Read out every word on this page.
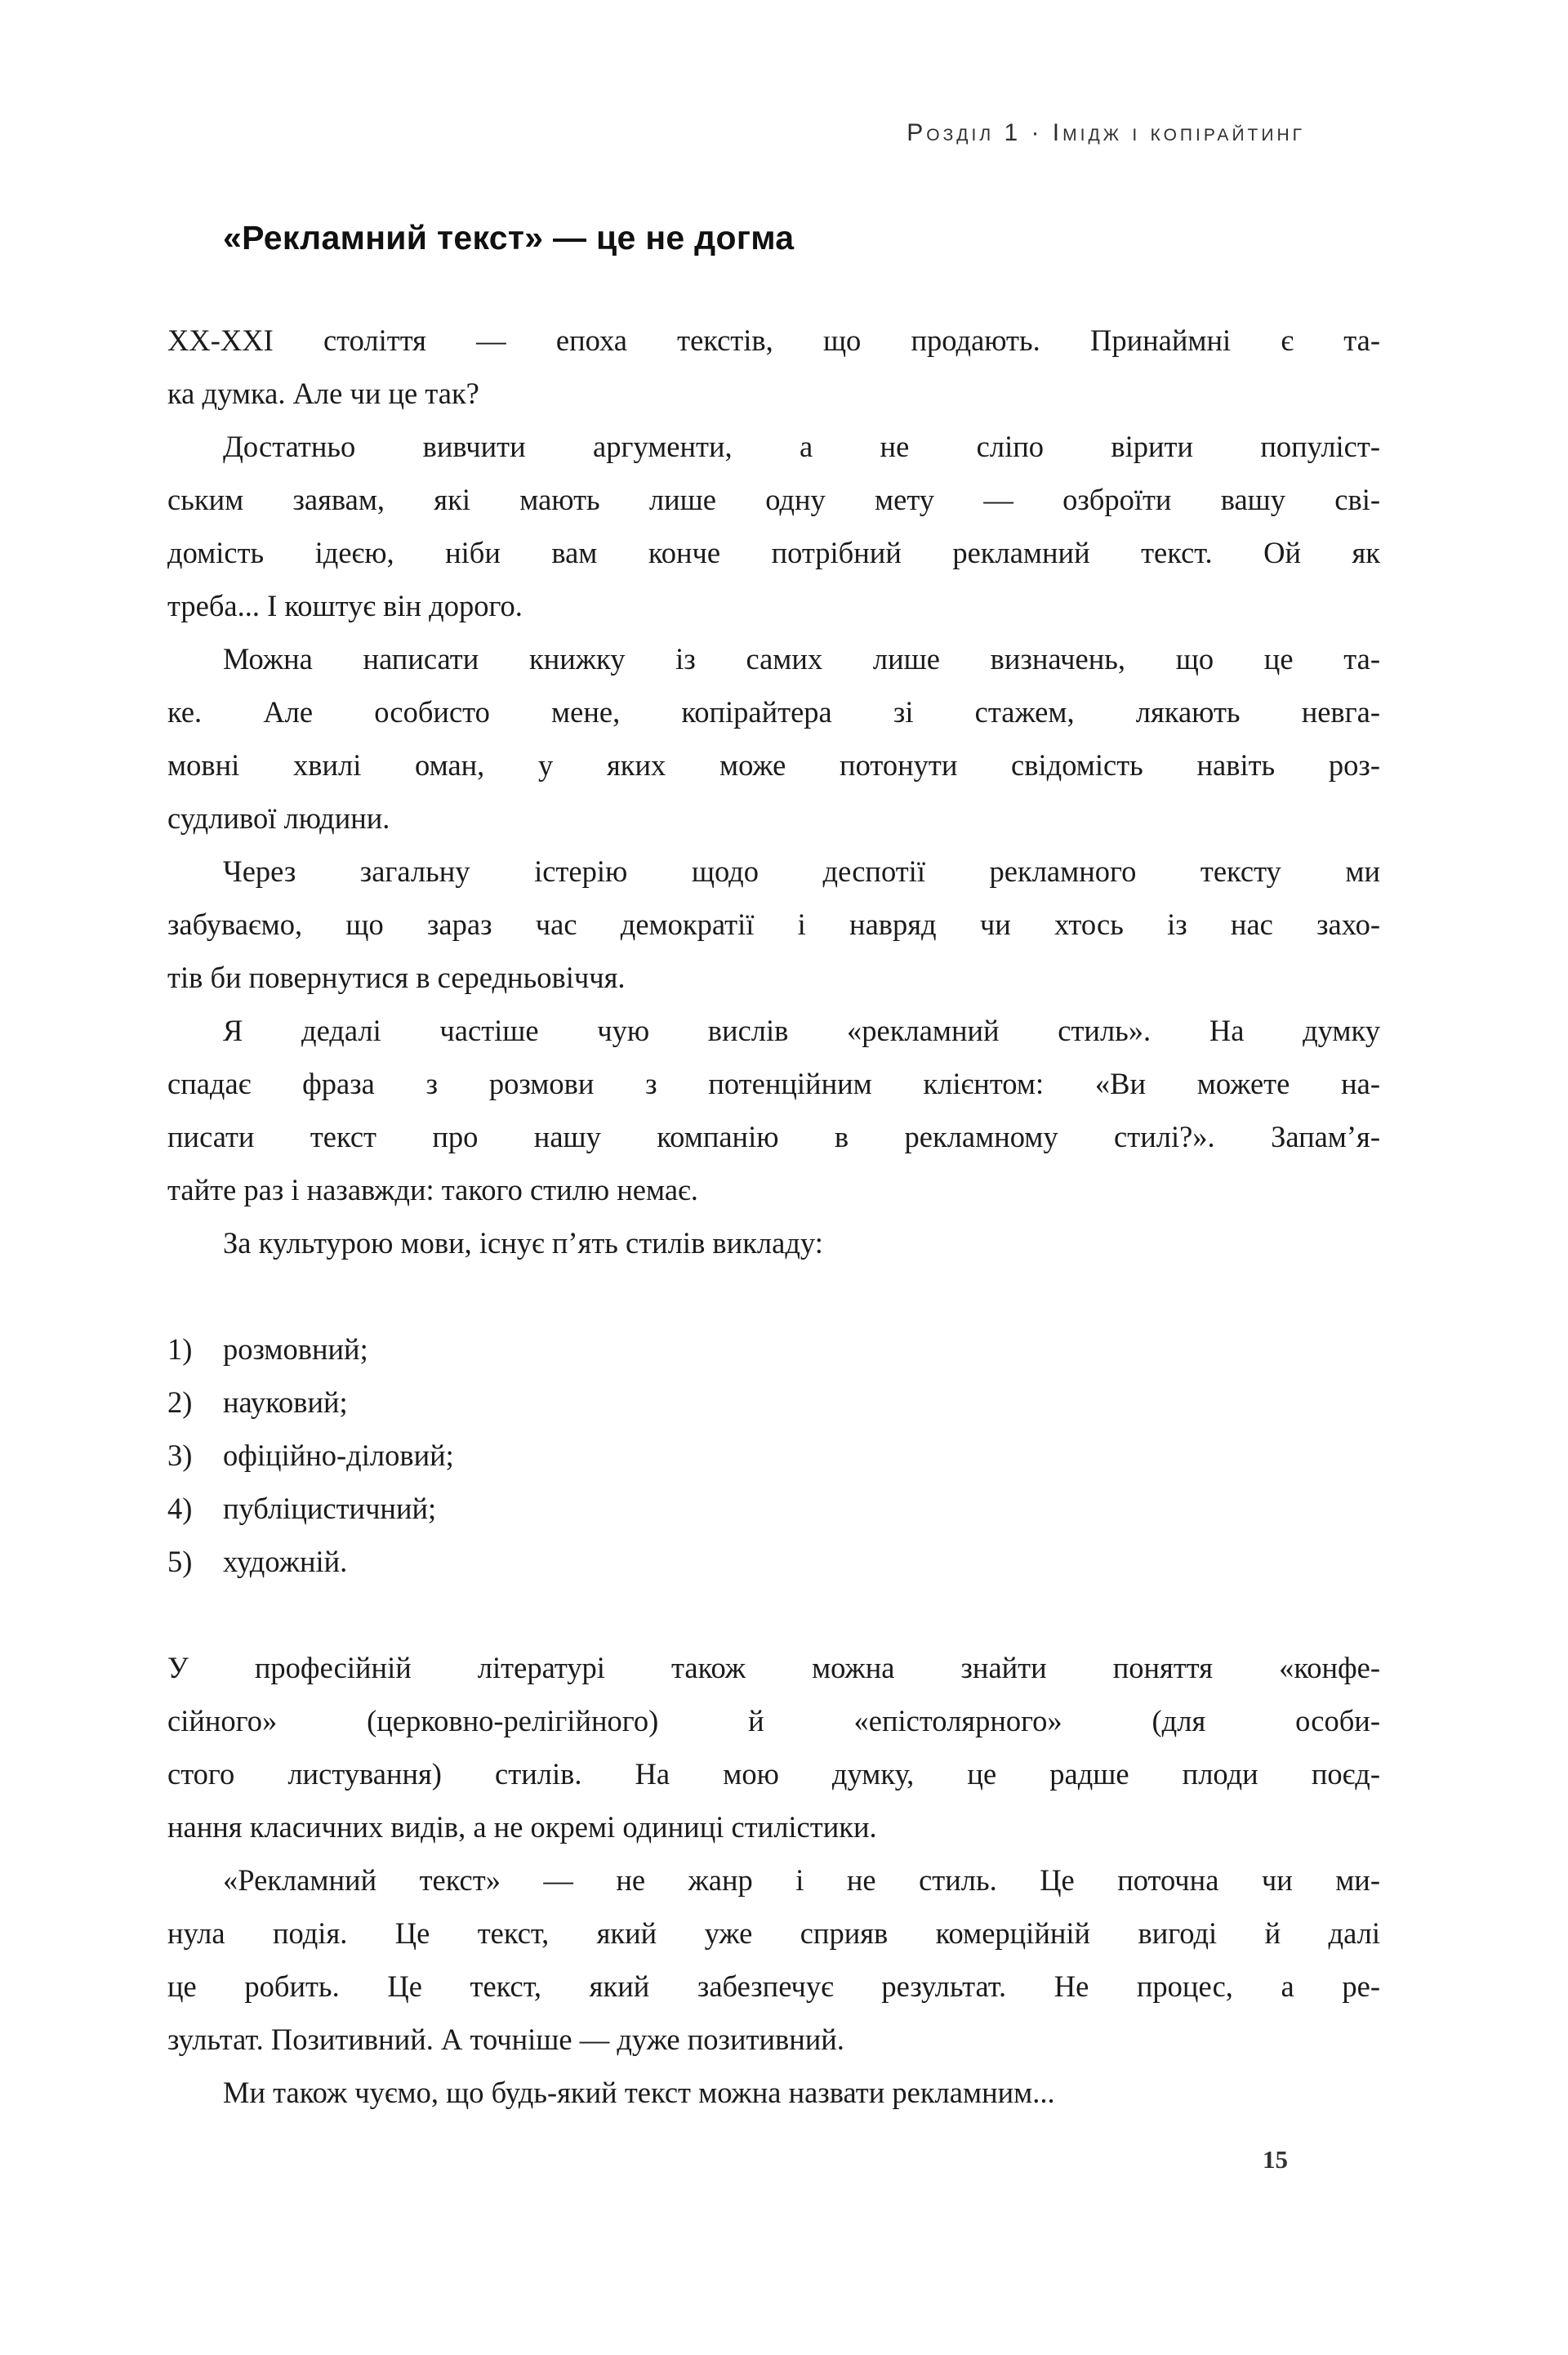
Розділ 1 · Імідж і копірайтинг
«Рекламний текст» — це не догма
ХХ-ХХІ століття — епоха текстів, що продають. Принаймні є та-
ка думка. Але чи це так?
Достатньо вивчити аргументи, а не сліпо вірити популіст-
ським заявам, які мають лише одну мету — озброїти вашу сві-
домість ідеєю, ніби вам конче потрібний рекламний текст. Ой як
треба... І коштує він дорого.
Можна написати книжку із самих лише визначень, що це та-
ке. Але особисто мене, копірайтера зі стажем, лякають невга-
мовні хвилі оман, у яких може потонути свідомість навіть роз-
судливої людини.
Через загальну істерію щодо деспотії рекламного тексту ми
забуваємо, що зараз час демократії і навряд чи хтось із нас захо-
тів би повернутися в середньовіччя.
Я дедалі частіше чую вислів «рекламний стиль». На думку
спадає фраза з розмови з потенційним клієнтом: «Ви можете на-
писати текст про нашу компанію в рекламному стилі?». Запам’я-
тайте раз і назавжди: такого стилю немає.
За культурою мови, існує п’ять стилів викладу:
1)	розмовний;
2)	науковий;
3)	офіційно-діловий;
4)	публіцистичний;
5)	художній.
У професійній літературі також можна знайти поняття «конфе-
сійного» (церковно-релігійного) й «епістолярного» (для особи-
стого листування) стилів. На мою думку, це радше плоди поєд-
нання класичних видів, а не окремі одиниці стилістики.
«Рекламний текст» — не жанр і не стиль. Це поточна чи ми-
нула подія. Це текст, який уже сприяв комерційній вигоді й далі
це робить. Це текст, який забезпечує результат. Не процес, а ре-
зультат. Позитивний. А точніше — дуже позитивний.
Ми також чуємо, що будь-який текст можна назвати рекламним...
15
